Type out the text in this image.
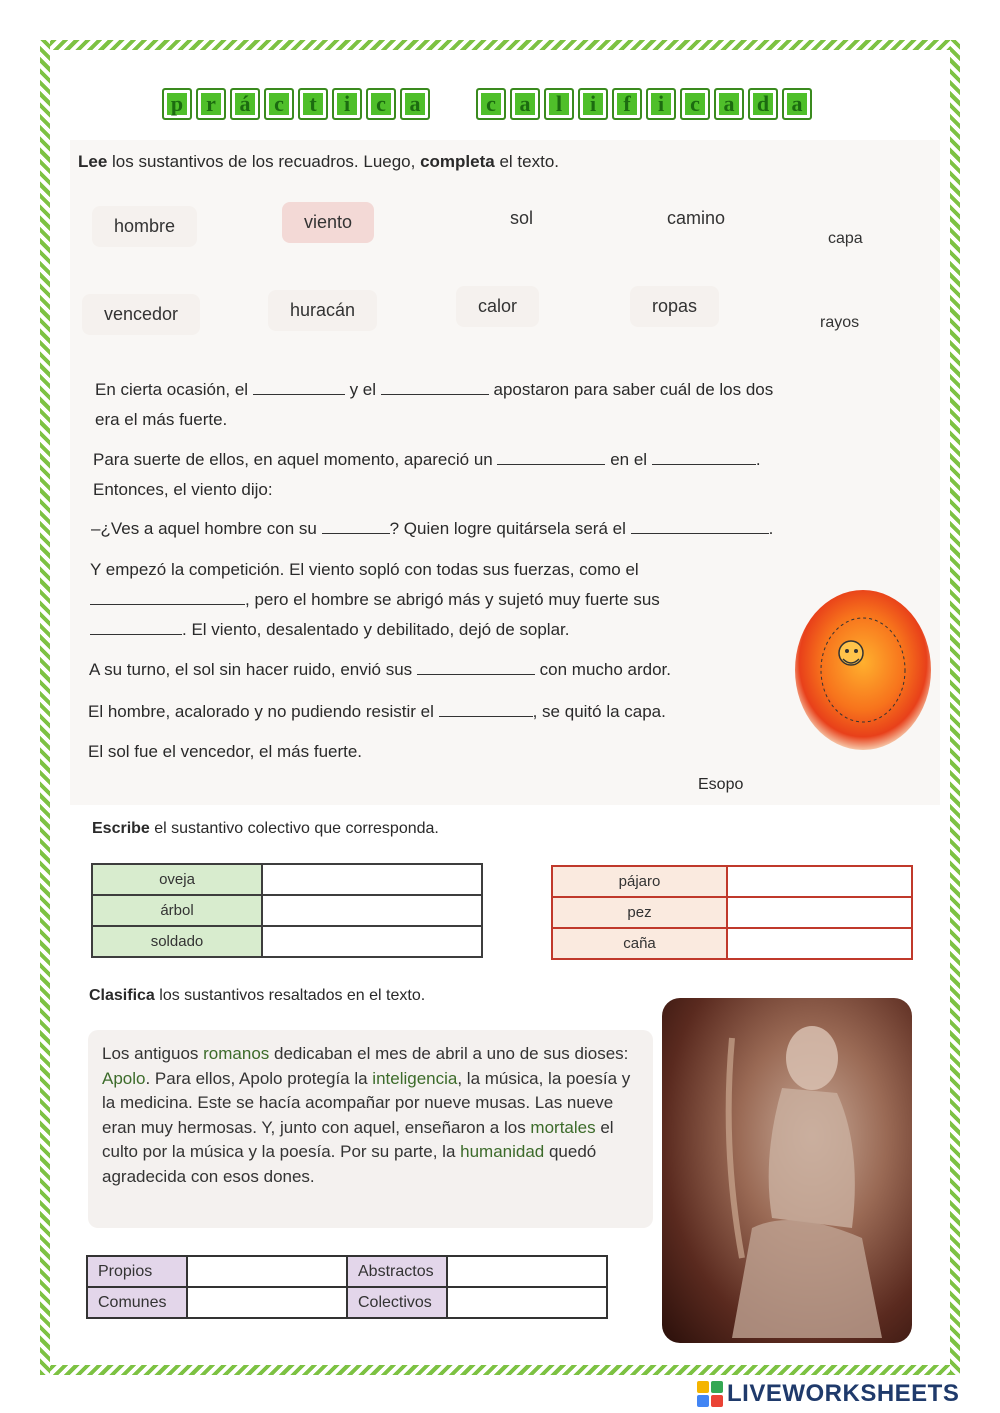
p	r	á	c	t	i	c	a	c	a	l	i	f	i	c	a	d	a
Lee los sustantivos de los recuadros. Luego, completa el texto.
hombre	viento	sol	camino
capa
vencedor	huracán	calor	ropas
rayos
En cierta ocasión, el	y el	apostaron para saber cuál de los dos
era el más fuerte.
Para suerte de ellos, en aquel momento, apareció un	en el	.
Entonces, el viento dijo:
–¿Ves a aquel hombre con su	? Quien logre quitársela será el	.
Y empezó la competición. El viento sopló con todas sus fuerzas, como el
, pero el hombre se abrigó más y sujetó muy fuerte sus
. El viento, desalentado y debilitado, dejó de soplar.
A su turno, el sol sin hacer ruido, envió sus	con mucho ardor.
El hombre, acalorado y no pudiendo resistir el	, se quitó la capa.
El sol fue el vencedor, el más fuerte.
Esopo
Escribe el sustantivo colectivo que corresponda.
oveja	
árbol	
soldado	
pájaro	
pez	
caña	
Clasifica los sustantivos resaltados en el texto.
Los antiguos romanos dedicaban el mes de abril a uno de sus dioses: Apolo. Para ellos, Apolo protegía la inteligencia, la música, la poesía y la medicina. Este se hacía acompañar por nueve musas. Las nueve eran muy hermosas. Y, junto con aquel, enseñaron a los mortales el culto por la música y la poesía. Por su parte, la humanidad quedó agradecida con esos dones.
Propios		Abstractos	
Comunes		Colectivos	
LIVEWORKSHEETS
